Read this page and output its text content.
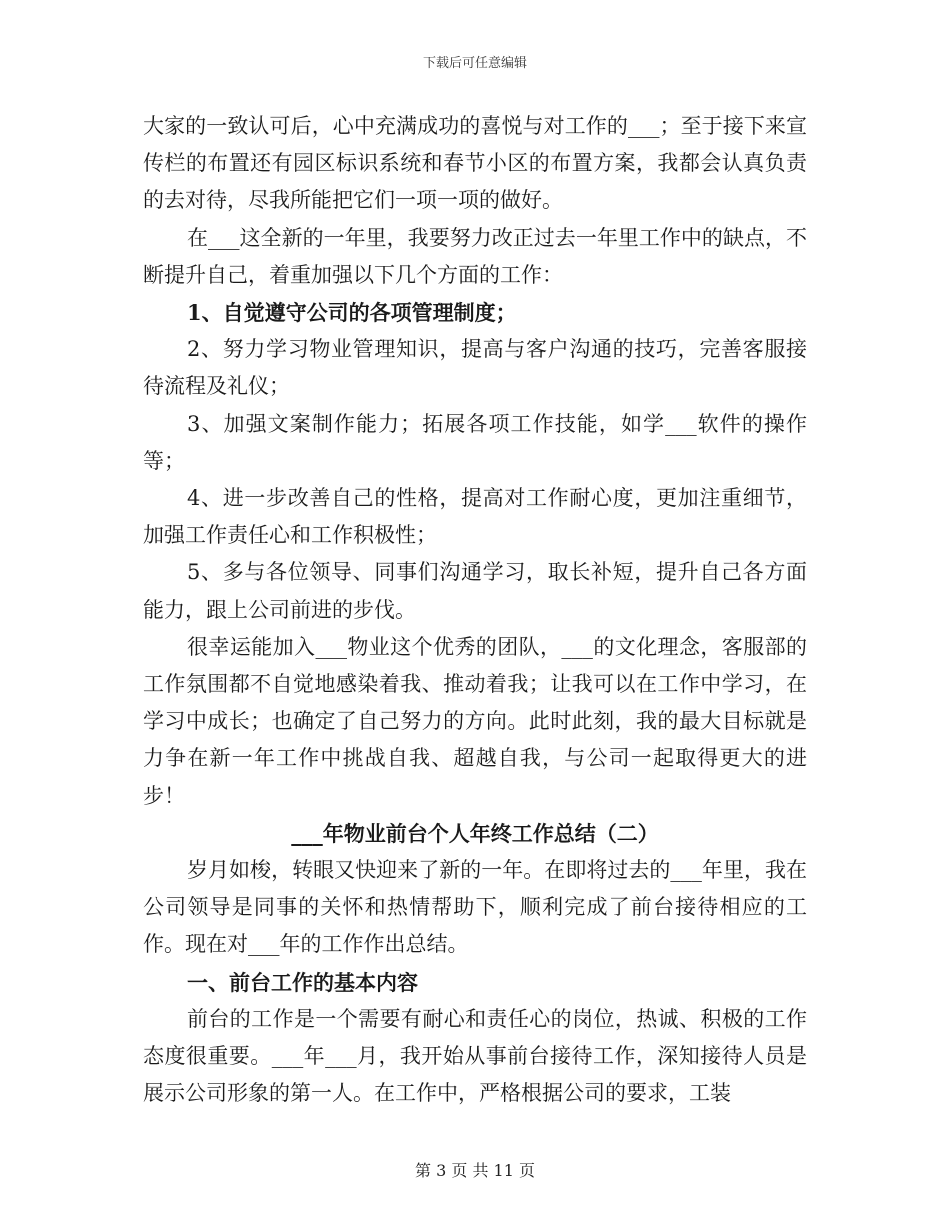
下载后可任意编辑

大家的一致认可后，心中充满成功的喜悦与对工作的___；至于接下来宣传栏的布置还有园区标识系统和春节小区的布置方案，我都会认真负责的去对待，尽我所能把它们一项一项的做好。

在___这全新的一年里，我要努力改正过去一年里工作中的缺点，不断提升自己，着重加强以下几个方面的工作：

1、自觉遵守公司的各项管理制度；

2、努力学习物业管理知识，提高与客户沟通的技巧，完善客服接待流程及礼仪；

3、加强文案制作能力；拓展各项工作技能，如学___软件的操作等；

4、进一步改善自己的性格，提高对工作耐心度，更加注重细节，加强工作责任心和工作积极性；

5、多与各位领导、同事们沟通学习，取长补短，提升自己各方面能力，跟上公司前进的步伐。

很幸运能加入___物业这个优秀的团队，___的文化理念，客服部的工作氛围都不自觉地感染着我、推动着我；让我可以在工作中学习，在学习中成长；也确定了自己努力的方向。此时此刻，我的最大目标就是力争在新一年工作中挑战自我、超越自我，与公司一起取得更大的进步！

___年物业前台个人年终工作总结（二）

岁月如梭，转眼又快迎来了新的一年。在即将过去的___年里，我在公司领导是同事的关怀和热情帮助下，顺利完成了前台接待相应的工作。现在对___年的工作作出总结。

一、前台工作的基本内容

前台的工作是一个需要有耐心和责任心的岗位，热诚、积极的工作态度很重要。___年___月，我开始从事前台接待工作，深知接待人员是展示公司形象的第一人。在工作中，严格根据公司的要求，工装

第 3 页 共 11 页
